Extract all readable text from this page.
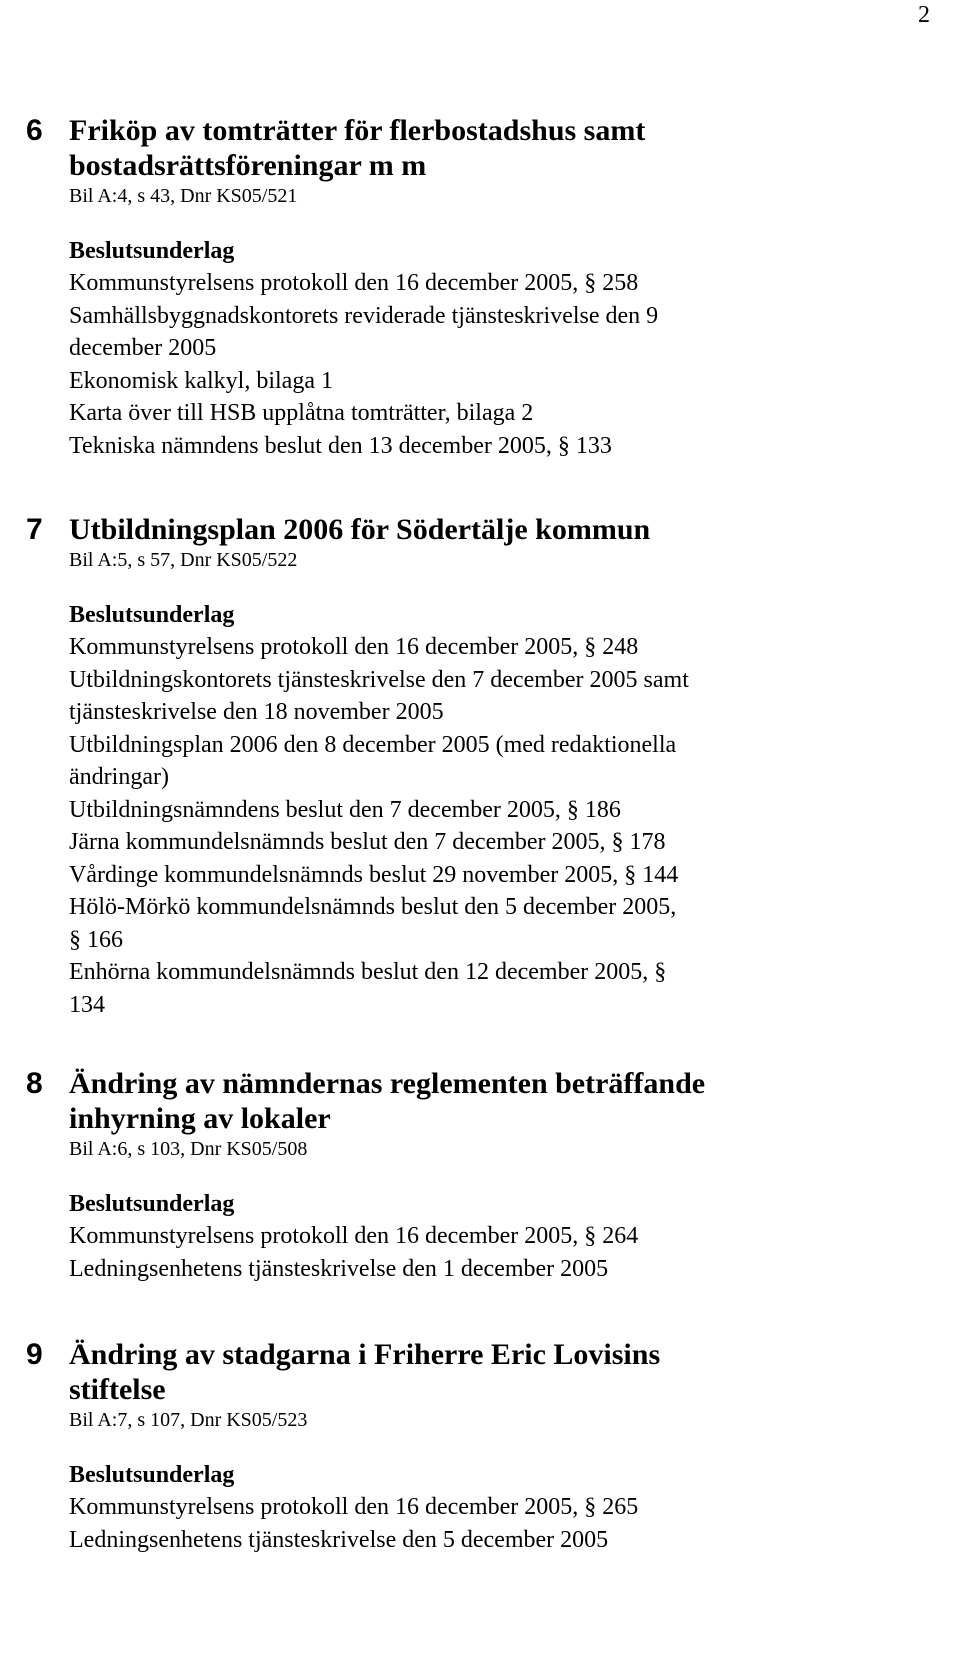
2
6 Friköp av tomträtter för flerbostadshus samt
bostadsrättsföreningar m m

Bil A:4, s 43, Dnr KS05/521

Beslutsunderlag

Kommunstyrelsens protokoll den 16 december 2005, § 258
Samhällsbyggnadskontorets reviderade tjänsteskrivelse den 9
december 2005
Ekonomisk kalkyl, bilaga 1
Karta över till HSB upplåtna tomträtter, bilaga 2
Tekniska nämndens beslut den 13 december 2005, § 133
7 Utbildningsplan 2006 för Södertälje kommun

Bil A:5, s 57, Dnr KS05/522

Beslutsunderlag

Kommunstyrelsens protokoll den 16 december 2005, § 248
Utbildningskontorets tjänsteskrivelse den 7 december 2005 samt
tjänsteskrivelse den 18 november 2005
Utbildningsplan 2006 den 8 december 2005 (med redaktionella
ändringar)
Utbildningsnämndens beslut den 7 december 2005, § 186
Järna kommundelsnämnds beslut den 7 december 2005, § 178
Vårdinge kommundelsnämnds beslut 29 november 2005, § 144
Hölö-Mörkö kommundelsnämnds beslut den 5 december 2005,
§ 166
Enhörna kommundelsnämnds beslut den 12 december 2005, §
134
8 Ändring av nämndernas reglementen beträffande
inhyrning av lokaler

Bil A:6, s 103, Dnr KS05/508

Beslutsunderlag

Kommunstyrelsens protokoll den 16 december 2005, § 264
Ledningsenhetens tjänsteskrivelse den 1 december 2005
9 Ändring av stadgarna i Friherre Eric Lovisins
stiftelse

Bil A:7, s 107, Dnr KS05/523

Beslutsunderlag

Kommunstyrelsens protokoll den 16 december 2005, § 265
Ledningsenhetens tjänsteskrivelse den 5 december 2005
